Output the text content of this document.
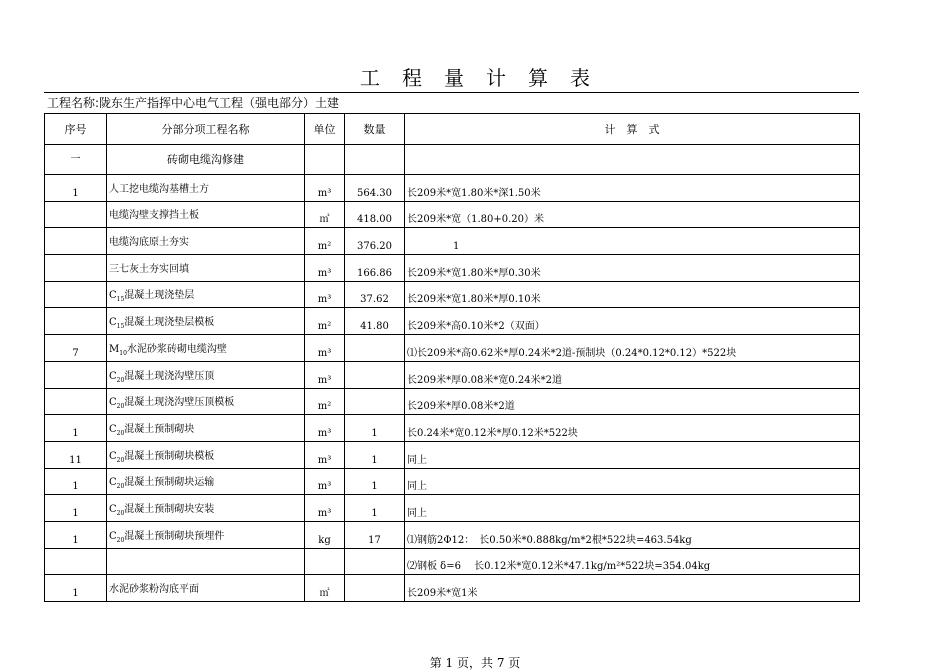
工程量计算表
工程名称:陇东生产指挥中心电气工程（强电部分）土建
序号	分部分项工程名称	单位	数量	计　算　式
一	砖砌电缆沟修建			
1	人工挖电缆沟基槽土方	m³	564.30	长209米*宽1.80米*深1.50米
	电缆沟壁支撑挡土板	㎡	418.00	长209米*宽（1.80+0.20）米
	电缆沟底原土夯实	m²	376.20	1
	三七灰土夯实回填	m³	166.86	长209米*宽1.80米*厚0.30米
	$C_{15}$混凝土现浇垫层	m³	37.62	长209米*宽1.80米*厚0.10米
	$C_{15}$混凝土现浇垫层模板	m²	41.80	长209米*高0.10米*2（双面）
7	$M_{10}$水泥砂浆砖砌电缆沟壁	m³		⑴长209米*高0.62米*厚0.24米*2道-预制块（0.24*0.12*0.12）*522块
	$C_{20}$混凝土现浇沟壁压顶	m³		长209米*厚0.08米*宽0.24米*2道
	$C_{20}$混凝土现浇沟壁压顶模板	m²		长209米*厚0.08米*2道
1	$C_{20}$混凝土预制砌块	m³	1	长0.24米*宽0.12米*厚0.12米*522块
11	$C_{20}$混凝土预制砌块模板	m³	1	同上
1	$C_{20}$混凝土预制砌块运输	m³	1	同上
1	$C_{20}$混凝土预制砌块安装	m³	1	同上
1	$C_{20}$混凝土预制砌块预埋件	kg	17	⑴钢筋2Φ12：　长0.50米*0.888kg/m*2根*522块=463.54kg
				⑵钢板 δ=6　 长0.12米*宽0.12米*47.1kg/m²*522块=354.04kg
1	水泥砂浆粉沟底平面	㎡		长209米*宽1米
第 1 页，共 7 页
